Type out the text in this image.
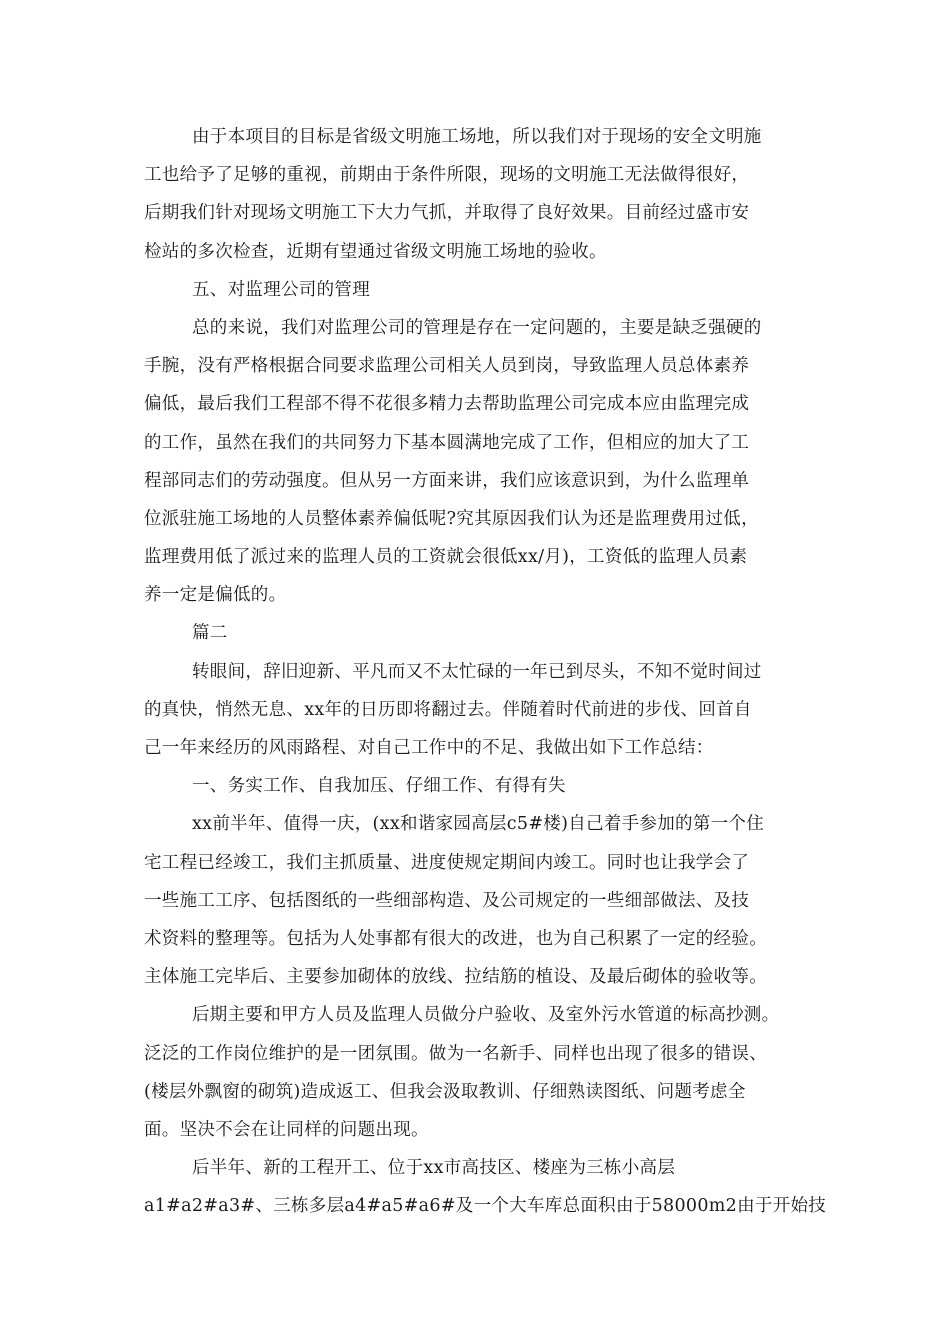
由于本项目的目标是省级文明施工场地，所以我们对于现场的安全文明施
工也给予了足够的重视，前期由于条件所限，现场的文明施工无法做得很好，
后期我们针对现场文明施工下大力气抓，并取得了良好效果。目前经过盛市安
检站的多次检查，近期有望通过省级文明施工场地的验收。
五、对监理公司的管理
总的来说，我们对监理公司的管理是存在一定问题的，主要是缺乏强硬的
手腕，没有严格根据合同要求监理公司相关人员到岗，导致监理人员总体素养
偏低，最后我们工程部不得不花很多精力去帮助监理公司完成本应由监理完成
的工作，虽然在我们的共同努力下基本圆满地完成了工作，但相应的加大了工
程部同志们的劳动强度。但从另一方面来讲，我们应该意识到，为什么监理单
位派驻施工场地的人员整体素养偏低呢?究其原因我们认为还是监理费用过低，
监理费用低了派过来的监理人员的工资就会很低xx/月)，工资低的监理人员素
养一定是偏低的。
篇二
转眼间，辞旧迎新、平凡而又不太忙碌的一年已到尽头，不知不觉时间过
的真快，悄然无息、xx年的日历即将翻过去。伴随着时代前进的步伐、回首自
己一年来经历的风雨路程、对自己工作中的不足、我做出如下工作总结：
一、务实工作、自我加压、仔细工作、有得有失
xx前半年、值得一庆，(xx和谐家园高层c5#楼)自己着手参加的第一个住
宅工程已经竣工，我们主抓质量、进度使规定期间内竣工。同时也让我学会了
一些施工工序、包括图纸的一些细部构造、及公司规定的一些细部做法、及技
术资料的整理等。包括为人处事都有很大的改进，也为自己积累了一定的经验。
主体施工完毕后、主要参加砌体的放线、拉结筋的植设、及最后砌体的验收等。
后期主要和甲方人员及监理人员做分户验收、及室外污水管道的标高抄测。
泛泛的工作岗位维护的是一团氛围。做为一名新手、同样也出现了很多的错误、
(楼层外飘窗的砌筑)造成返工、但我会汲取教训、仔细熟读图纸、问题考虑全
面。坚决不会在让同样的问题出现。
后半年、新的工程开工、位于xx市高技区、楼座为三栋小高层
a1#a2#a3#、三栋多层a4#a5#a6#及一个大车库总面积由于58000m2由于开始技
